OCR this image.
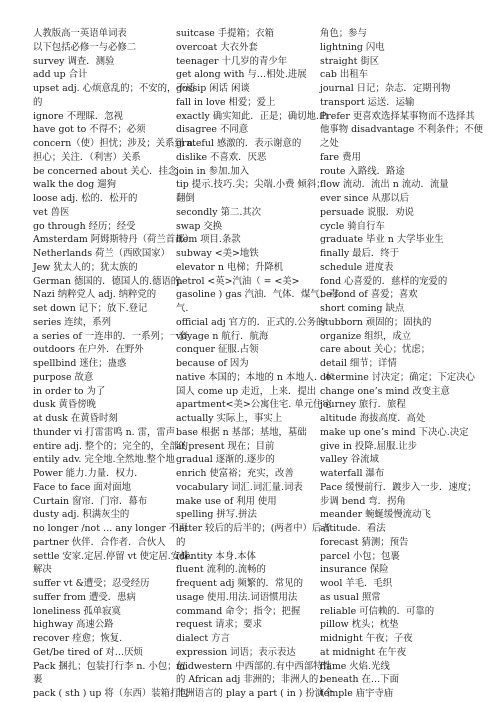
人教版高一英语单词表
以下包括必修一与必修二
survey 调查．测验
add up 合计
upset adj. 心烦意乱的；不安的，不适
的
ignore 不理睬．忽视
have got to 不得不；必须
concern（使）担忧；涉及；关系到 n.
担心；关注．（利害）关系
be concerned about 关心．挂念
walk the dog 遛狗
loose adj. 松的．松开的
vet 兽医
go through 经历；经受
Amsterdam 阿姆斯特丹（荷兰首都）
Netherlands 荷兰（西欧国家）
Jew 犹太人的；犹太族的
German 德国的．德国人的.德语的.
Nazi 纳粹党人 adj. 纳粹党的
set down 记下；放下.登记
series 连续，系列
a series of 一连串的．一系列；一套
outdoors 在户外．在野外
spellbind 迷住；蛊惑
purpose 故意
in order to 为了
dusk 黄昏傍晚
at dusk 在黄昏时刻
thunder vi 打雷雷鸣 n. 雷，雷声
entire adj. 整个的；完全的，全部的
entily adv. 完全地.全然地.整个地
Power 能力.力量．权力．
Face to face 面对面地
Curtain 窗帘．门帘．幕布
dusty adj. 积满灰尘的
no longer /not … any longer 不再
partner 伙伴．合作者．合伙人
settle 安家.定居.停留 vt 使定居.安排.
解决
suffer vt &遭受；忍受经历
suffer from 遭受．患病
loneliness 孤单寂寞
highway 高速公路
recover 痊愈；恢复.
Get/be tired of 对…厌烦
Pack 捆扎；包装打行李 n. 小包；包
裹
pack ( sth ) up 将（东西）装箱打包
suitcase 手提箱；衣箱
overcoat 大衣外套
teenager 十几岁的青少年
get along with 与…相处.进展
gossip 闲话 闲谈
fall in love 相爱；爱上
exactly 确实知此．正是；确切地.山
disagree 不同意
grateful 感激的．表示谢意的
dislike 不喜欢．厌恶
join in 参加.加入
tip 提示.技巧.尖；尖端.小费 倾斜；
翻倒
secondly 第二.其次
swap 交换
item 项目.条款
subway <美>地铁
elevator n 电梯；升降机
petrol <英>汽油（ = <美>
gasoline ) gas 汽油．气体．煤气；毒
气.
official adj 官方的．正式的.公务的
voyage n 航行．航海
conquer 征服.占领
because of 因为
native 本国的；本地的 n 本地人．本
国人 come up 走近，上来．提出
apartment<美>公寓住宅. 单元住宅
actually 实际上，事实上
base 根据 n 基部；基地，墓础
at present 现在；目前
gradual 逐渐的.逐步的
enrich 使富裕；充实，改善
vocabulary 词汇.词汇量.词表
make use of 利用 使用
spelling 拼写.拼法
latter 较后的后半的；(两者中）后者
的
identity 本身.本体
fluent 流利的.流畅的
frequent adj 频繁的．常见的
usage 使用.用法.词语惯用法
command 命令；指令；把握
request 请求；要求
dialect 方言
expression 词语；表示表达
midwestern 中西部的.有中西部特性
的 African adj 非洲的；非洲人的；
非洲语言的 play a part ( in ) 扮演个
角色；参与
lightning 闪电
straight 街区
cab 出租车
journal 日记；杂志．定期刊物
transport 运送．运输
Prefer 更喜欢选择某事物而不选择其
他事物 disadvantage 不利条件；不便
之处
fare 费用
route 入路线．路途
flow 流动．流出 n 流动．流量
ever since 从那以后
persuade 说服．劝说
cycle 骑自行车
graduate 毕业 n 大学毕业生
finally 最后．终于
schedule 进度表
fond 心喜爱的．慈样的宠爱的
be fond of 喜爱；喜欢
short coming 缺点
stubborn 顽固的；固执的
organize 组织，成立
care about 关心；忧虑；
detail 细节；详情
determine 讨决定；确定；下定决心
change one’s mind 改变主意
journey 旅行．旅程
altitude 海拔高度．高处
make up one’s mind 下决心.决定
give in 投降.屈服.让步
valley 谷流域
waterfall 瀑布
Pace 缓慢前行．踱步入一步．速度；
步调 bend 弯．拐角
meander 蜿蜒缓慢流动飞
attitude．看法
forecast 猜测；预告
parcel 小包；包裹
insurance 保险
wool 羊毛．毛织
as usual 照常
reliable 可信赖的．可靠的
pillow 枕头；枕垫
midnight 午夜；子夜
at midnight 在午夜
flame 火焰.光线
beneath 在…下面
temple 庙宇寺庙
